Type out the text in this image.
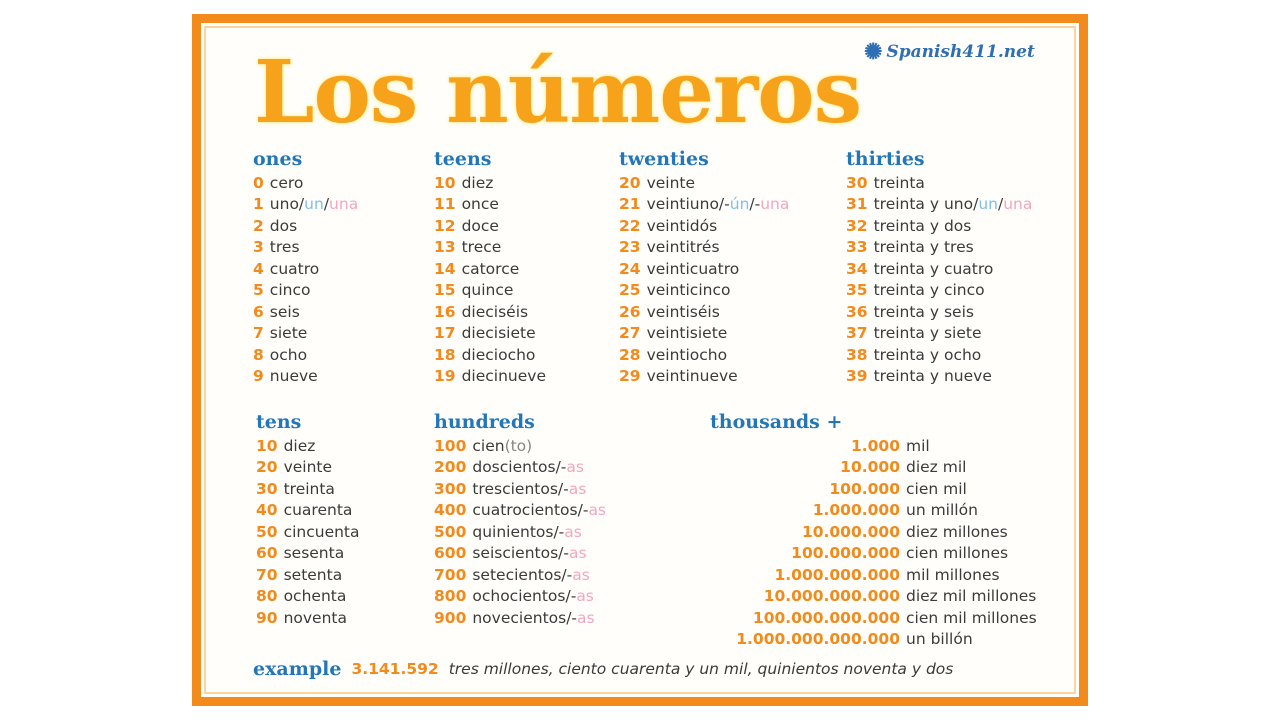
✺ Spanish411.net
Los números
ones
0 cero
1 uno/un/una
2 dos
3 tres
4 cuatro
5 cinco
6 seis
7 siete
8 ocho
9 nueve
teens
10 diez
11 once
12 doce
13 trece
14 catorce
15 quince
16 dieciséis
17 diecisiete
18 dieciocho
19 diecinueve
twenties
20 veinte
21 veintiuno/-ún/-una
22 veintidós
23 veintitrés
24 veinticuatro
25 veinticinco
26 veintiséis
27 veintisiete
28 veintiocho
29 veintinueve
thirties
30 treinta
31 treinta y uno/un/una
32 treinta y dos
33 treinta y tres
34 treinta y cuatro
35 treinta y cinco
36 treinta y seis
37 treinta y siete
38 treinta y ocho
39 treinta y nueve
tens
10 diez
20 veinte
30 treinta
40 cuarenta
50 cincuenta
60 sesenta
70 setenta
80 ochenta
90 noventa
hundreds
100 cien(to)
200 doscientos/-as
300 trescientos/-as
400 cuatrocientos/-as
500 quinientos/-as
600 seiscientos/-as
700 setecientos/-as
800 ochocientos/-as
900 novecientos/-as
thousands +
1.000 mil
10.000 diez mil
100.000 cien mil
1.000.000 un millón
10.000.000 diez millones
100.000.000 cien millones
1.000.000.000 mil millones
10.000.000.000 diez mil millones
100.000.000.000 cien mil millones
1.000.000.000.000 un billón
example 3.141.592 tres millones, ciento cuarenta y un mil, quinientos noventa y dos
